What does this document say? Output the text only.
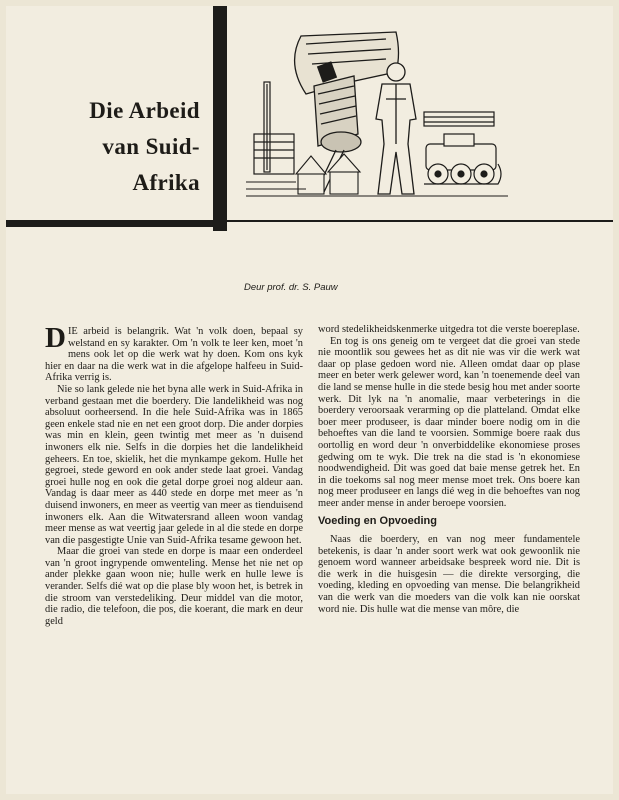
Die Arbeid
van Suid-
Afrika
Deur prof. dr. S. Pauw

DIE arbeid is belangrik. Wat 'n volk doen, bepaal sy welstand en sy karakter. Om 'n volk te leer ken, moet 'n mens ook let op die werk wat hy doen. Kom ons kyk hier en daar na die werk wat in die afgelope halfeeu in Suid-Afrika verrig is.

Nie so lank gelede nie het byna alle werk in Suid-Afrika in verband gestaan met die boerdery. Die landelikheid was nog absoluut oorheersend. In die hele Suid-Afrika was in 1865 geen enkele stad nie en net een groot dorp. Die ander dorpies was min en klein, geen twintig met meer as 'n duisend inwoners elk nie. Selfs in die dorpies het die landelikheid geheers. En toe, skielik, het die mynkampe gekom. Hulle het gegroei, stede geword en ook ander stede laat groei. Vandag groei hulle nog en ook die getal dorpe groei nog aldeur aan. Vandag is daar meer as 440 stede en dorpe met meer as 'n duisend inwoners, en meer as veertig van meer as tienduisend inwoners elk. Aan die Witwatersrand alleen woon vandag meer mense as wat veertig jaar gelede in al die stede en dorpe van die pasgestigte Unie van Suid-Afrika tesame gewoon het.

Maar die groei van stede en dorpe is maar een onderdeel van 'n groot ingrypende omwenteling. Mense het nie net op ander plekke gaan woon nie; hulle werk en hulle lewe is verander. Selfs dié wat op die plase bly woon het, is betrek in die stroom van verstedeliking. Deur middel van die motor, die radio, die telefoon, die pos, die koerant, die mark en deur geld

word stedelikheidskenmerke uitgedra tot die verste boereplase.

En tog is ons geneig om te vergeet dat die groei van stede nie moontlik sou gewees het as dit nie was vir die werk wat daar op plase gedoen word nie. Alleen omdat daar op plase meer en beter werk gelewer word, kan 'n toenemende deel van die land se mense hulle in die stede besig hou met ander soorte werk. Dit lyk na 'n anomalie, maar verbeterings in die boerdery veroorsaak verarming op die platteland. Omdat elke boer meer produseer, is daar minder boere nodig om in die behoeftes van die land te voorsien. Sommige boere raak dus oortollig en word deur 'n onverbiddelike ekonomiese proses gedwing om te wyk. Die trek na die stad is 'n ekonomiese noodwendigheid. Dit was goed dat baie mense getrek het. En in die toekoms sal nog meer mense moet trek. Ons boere kan nog meer produseer en langs dié weg in die behoeftes van nog meer ander mense in ander beroepe voorsien.

Voeding en Opvoeding

Naas die boerdery, en van nog meer fundamentele betekenis, is daar 'n ander soort werk wat ook gewoonlik nie genoem word wanneer arbeidsake bespreek word nie. Dit is die werk in die huisgesin — die direkte versorging, die voeding, kleding en opvoeding van mense. Die belangrikheid van die werk van die moeders van die volk kan nie oorskat word nie. Dis hulle wat die mense van môre, die
